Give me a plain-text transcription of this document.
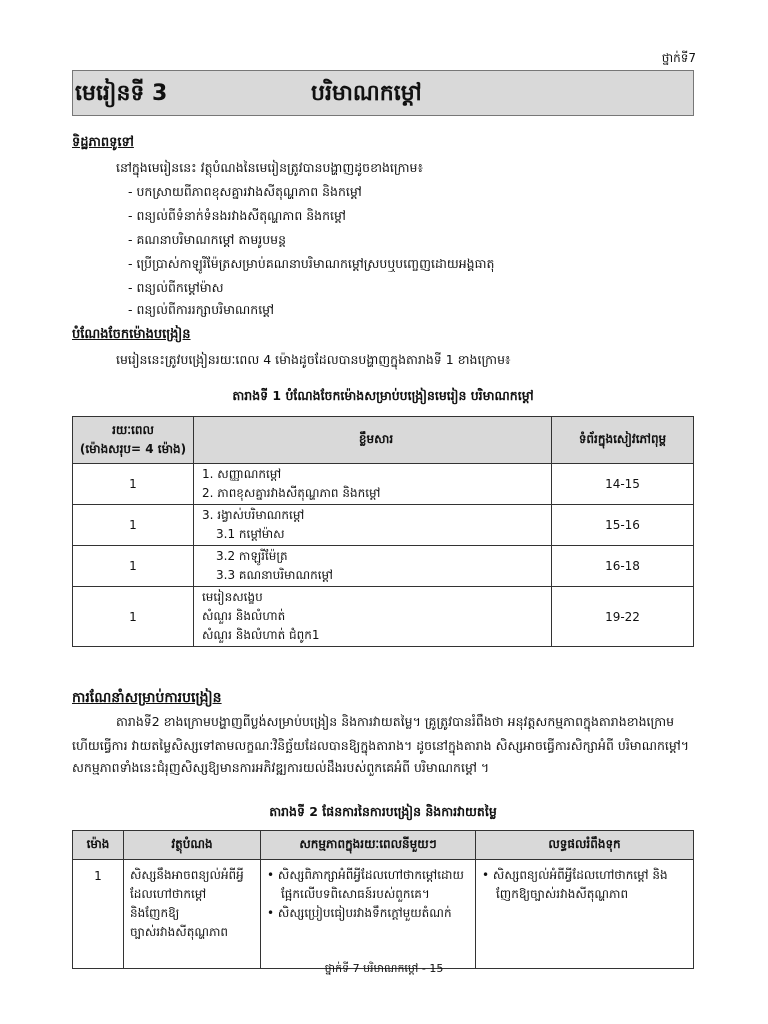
ថ្នាក់ទី7
មេរៀនទី 3	បរិមាណកម្ដៅ
ទិដ្ឋភាពទូទៅ
នៅក្នុងមេរៀននេះ វត្ថុបំណងនៃមេរៀនត្រូវបានបង្ហាញដូចខាងក្រោម៖
- បកស្រាយពីភាពខុសគ្នារវាងសីតុណ្ហភាព និងកម្ដៅ
- ពន្យល់ពីទំនាក់ទំនងរវាងសីតុណ្ហភាព និងកម្ដៅ
- គណនាបរិមាណកម្ដៅ តាមរូបមន្ត
- ប្រើប្រាស់កាឡូរីម៉ែត្រសម្រាប់គណនាបរិមាណកម្ដៅស្របឬបញ្ចេញដោយអង្គធាតុ
- ពន្យល់ពីកម្ដៅម៉ាស
- ពន្យល់ពីការរក្សាបរិមាណកម្ដៅ
បំណែងចែកម៉ោងបង្រៀន
មេរៀននេះត្រូវបង្រៀនរយៈពេល 4 ម៉ោងដូចដែលបានបង្ហាញក្នុងតារាងទី 1 ខាងក្រោម៖
តារាងទី 1 បំណែងចែកម៉ោងសម្រាប់បង្រៀនមេរៀន បរិមាណកម្ដៅ
រយៈពេល
(ម៉ោងសរុប= 4 ម៉ោង)	ខ្លឹមសារ	ទំព័រក្នុងសៀវភៅពុម្ព
1	1. សញ្ញាណកម្ដៅ
2. ភាពខុសគ្នារវាងសីតុណ្ហភាព និងកម្ដៅ	14-15
1	3. រង្វាស់បរិមាណកម្ដៅ
3.1 កម្ដៅម៉ាស	15-16
1	3.2 កាឡូរីម៉ែត្រ
3.3 គណនាបរិមាណកម្ដៅ	16-18
1	មេរៀនសង្ខេប
សំណួរ និងលំហាត់
សំណួរ និងលំហាត់ ជំពូក1	19-22
ការណែនាំសម្រាប់ការបង្រៀន
តារាងទី2 ខាងក្រោមបង្ហាញពីប្លង់សម្រាប់បង្រៀន និងការវាយតម្លៃ។ គ្រូត្រូវបានរំពឹងថា អនុវត្តសកម្មភាពក្នុងតារាងខាងក្រោម
ហើយធ្វើការ វាយតម្លៃសិស្សទៅតាមលក្ខណៈវិនិច្ឆ័យដែលបានឱ្យក្នុងតារាង។ ដូចនៅក្នុងតារាង សិស្សអាចធ្វើការសិក្សាអំពី បរិមាណកម្ដៅ។
សកម្មភាពទាំងនេះជំរុញសិស្សឱ្យមានការអភិវឌ្ឍការយល់ដឹងរបស់ពួកគេអំពី បរិមាណកម្ដៅ ។
តារាងទី 2 ផែនការនៃការបង្រៀន និងការវាយតម្លៃ
ម៉ោង	វត្ថុបំណង	សកម្មភាពក្នុងរយៈពេលនីមួយៗ	លទ្ធផលរំពឹងទុក
1	សិស្សនឹងអាចពន្យល់អំពីអ្វី
ដែលហៅថាកម្ដៅនិងញែកឱ្យ
ច្បាស់រវាងសីតុណ្ហភាព	• សិស្សពិភាក្សាអំពីអ្វីដែលហៅថាកម្ដៅដោយ
ផ្អែកលើបទពិសោធន៍របស់ពួកគេ។
• សិស្សប្រៀបធៀបរវាងទឹកក្ដៅមួយតំណក់	• សិស្សពន្យល់អំពីអ្វីដែលហៅថាកម្ដៅ និង
ញែកឱ្យច្បាស់រវាងសីតុណ្ហភាព
ថ្នាក់ទី 7 បរិមាណកម្ដៅ - 15
